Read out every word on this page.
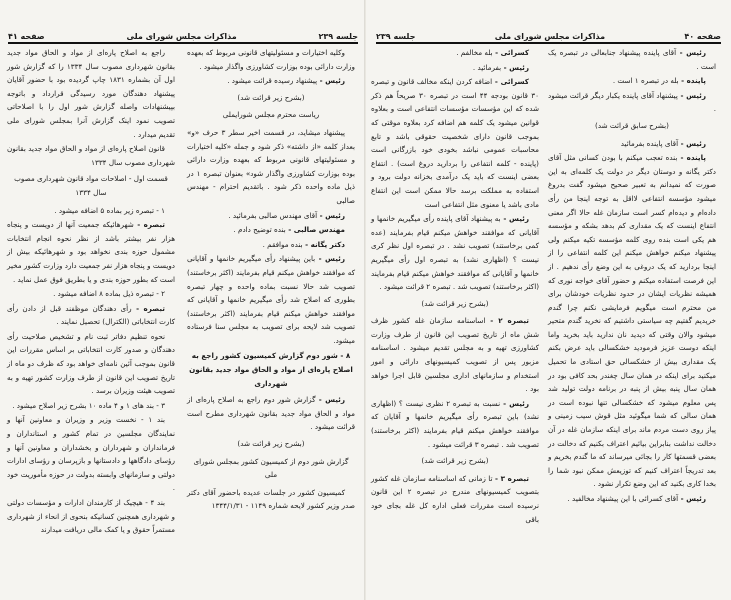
جلسه ۲۳۹
مذاکرات مجلس شورای ملی
صفحه ۴۱

وکلیه اختیارات و مسئولیتهای قانونی مربوط که بعهده وزارت دارائی بوده بوزارت کشاورزی واگذار میشود .

رئیس - پیشنهاد رسیده قرائت میشود .

(بشرح زیر قرائت شد)

ریاست محترم مجلس شورایملی

پیشنهاد میشاید، در قسمت اخیر سطر ۳ حرف «و» بعداز کلمه «از داشته» ذکر شود و جمله «کلیه اختیارات و مسئولیتهای قانونی مربوط که بعهده وزارت دارائی بوده بوزارت کشاورزی واگذار شود» بعنوان تبصره ۱ در ذیل ماده واحده ذکر شود . باتقدیم احترام - مهندس صالبی

رئیس - آقای مهندس صالبی بفرمائید .

مهندس صالبی - بنده توضیح دادم .

دکتر یگانه - بنده موافقم .

رئیس - باین پیشنهاد رأی میگیریم خانمها و آقایانی که موافقند خواهش میکنم قیام بفرمایند (اکثر برخاستند) تصویب شد حالا نسبت بماده واحده و چهار تبصره بطوری که اصلاح شد رأی میگیریم خانمها و آقایانی که موافقند خواهش میکنم قیام بفرمایند (اکثر برخاستند) تصویب شد لایحه برای تصویب به مجلس سنا فرستاده میشود.

۸ - شور دوم گزارش کمیسیون کشور راجع به اصلاح پاره‌ای از مواد و الحاق مواد جدید بقانون شهرداری

رئیس - گزارش شور دوم راجع به اصلاح پاره‌ای از مواد و الحاق مواد جدید بقانون شهرداری مطرح است قرائت میشود .

(بشرح زیر قرائت شد)

گزارش شور دوم از کمیسیون کشور بمجلس شورای ملی

کمیسیون کشور در جلسات عدیده باحضور آقای دکتر صدر وزیر کشور لایحه شماره ۱۱۴۹ - ۱۳۴۴/۱/۳۱

راجع به اصلاح پاره‌ای از مواد و الحاق مواد جدید بقانون شهرداری مصوب سال ۱۳۳۴ را که گزارش شور اول آن بشماره ۱۸۳۱ چاپ گردیده بود با حضور آقایان پیشنهاد دهندگان مورد رسیدگی قرارداد و باتوجه بپیشنهادات واصله گزارش شور اول را با اصلاحاتی تصویب نمود اینک گزارش آنرا بمجلس شورای ملی تقدیم میدارد .

قانون اصلاح پاره‌ای از مواد و الحاق مواد جدید بقانون شهرداری مصوب سال ۱۳۳۴

قسمت اول - اصلاحات مواد قانون شهرداری مصوب سال ۱۳۳۴

۱ - تبصره زیر بماده ۵ اضافه میشود .

تبصره - شهرهائیکه جمعیت آنها از دویست و پنجاه هزار نفر بیشتر باشد از نظر نحوه انجام انتخابات مشمول حوزه بندی نخواهد بود و شهرهائیکه بیش از دویست و پنجاه هزار نفر جمعیت دارد وزارت کشور مخیر است که بطور حوزه بندی و یا بطریق فوق عمل نماید .

۲ - تبصره ذیل بماده ۸ اضافه میشود .

تبصره - رأی دهندگان موظفند قبل از دادن رأی کارت انتخاباتی (الکترال) تحصیل نمایند .

نحوه تنظیم دفاتر ثبت نام و تشخیص صلاحیت رأی دهندگان و صدور کارت انتخاباتی بر اساس مقررات این قانون بموجب آئین نامه‌ای خواهد بود که ظرف دو ماه از تاریخ تصویب این قانون از طرف وزارت کشور تهیه و به تصویب هیئت وزیران برسد .

۳ - بند های ۱ و ۴ ماده ۱۰ بشرح زیر اصلاح میشود .

بند ۱ - نخست وزیر و وزیران و معاونین آنها و نمایندگان مجلسین در تمام کشور و استانداران و فرمانداران و شهرداران و بخشداران و معاونین آنها و رؤسای دادگاهها و دادستانها و بازپرسان و رؤسای ادارات دولتی و سازمانهای وابسته بدولت در حوزه مأموریت خود .

بند ۴ - هیچیک از کارمندان ادارات و مؤسسات دولتی و شهرداری همچنین کسانیکه بنحوی از انحاء از شهرداری مستمراً حقوق و یا کمک مالی دریافت میدارند

صفحه ۴۰
مذاکرات مجلس شورای ملی
جلسه ۲۳۹

رئیس - آقای پاینده پیشنهاد جنابعالی در تبصره یک است .

پاینده - بله در تبصره ۱ است .

رئیس - پیشنهاد آقای پاینده یکبار دیگر قرائت میشود .

(بشرح سابق قرائت شد)

رئیس - آقای پاینده بفرمائید

پاینده - بنده تعجب میکنم با بودن کسانی مثل آقای دکتر یگانه و دوستان دیگر در دولت یک کلمه‌ای به این صورت که نمیدانم به تعبیر صحیح میشود گفت بدروغ میشود مؤسسه انتفاعی لااقل به توجه اینجا من رأی داده‌ام و دیده‌ام کسر است سازمان غله حالا اگر معنی انتفاع اینست که یک مقداری کم بدهد بشکه و مؤسسه هم یکی است بنده روی کلمه مؤسسه تکیه میکنم ولی پیشنهاد میکنم خواهش میکنم این کلمه انتفاعی را از اینجا بردارید که یک دروغی به این وضع رأی ندهیم . از این فرصت استفاده میکنم و حضور آقای خواجه نوری که همیشه نظریات ایشان در حدود نظریات خودشان برای من محترم است میگویم فرمایشی نکنم چرا گندم خریدیم گفتیم چه سیاستی داشتیم که نخرید گندم متحیر میشود والان وقتی که دیدید نان ندارید باید بخرید واما اینکه دوست عزیز فرمودید خشکسالی باید عرض بکنم یک مقداری بیش از خشکسالی حق استادی ما تحمیل میکنید برای اینکه در همان سال چغندر بحد کافی بود در همان سال پنبه بیش از پنبه در برنامه دولت تولید شد پس معلوم میشود که خشکسالی تنها نبوده است در همان سالی که شما میگوئید مثل قوش سیب زمینی و پیاز روی دست مردم ماند برای اینکه سازمان غله در آن دخالت نداشت بنابراین بیائیم اعتراف بکنیم که دخالت در بعضی قسمتها کار را بجائی میرساند که ما گندم بخریم و بعد تدریجاً اعتراف کنیم که توزیعش ممکن نبود شما را بخدا کاری بکنید که این وضع تکرار نشود .

رئیس - آقای کسرائی با این پیشنهاد مخالفید .

کسرائی - بله مخالفم .

رئیس - بفرمائید .

کسرائی - اضافه کردن اینکه مخالف قانون و تبصره ۳۰ قانون بودجه ۴۴ است در تبصره ۳۰ صریحاً هم ذکر شده که این مؤسسات مؤسسات انتفاعی است و بعلاوه قوانین میشود یک کلمه هم اضافه کرد بعلاوه موقتی که بموجب قانون دارای شخصیت حقوقی باشد و تابع محاسبات عمومی نباشد بخودی خود بازرگانی است (پاینده - کلمه انتفاعی را بردارید دروغ است) . انتفاع بعضی اینست که باید یک درآمدی بخزانه دولت برود و استفاده به مملکت برسد حالا ممکن است این انتفاع مادی باشد یا معنوی مثل انتفاعی است

رئیس - به پیشنهاد آقای پاینده رأی میگیریم خانمها و آقایانی که موافقند خواهش میکنم قیام بفرمایند (عده کمی برخاستند) تصویب نشد . در تبصره اول نظر کری نیست ؟ (اظهاری نشد) به تبصره اول رأی میگیریم خانمها و آقایانی که موافقند خواهش میکنم قیام بفرمایند (اکثر برخاستند) تصویب شد . تبصره ۲ قرائت میشود .

(بشرح زیر قرائت شد)

تبصره ۲ - اساسنامه سازمان غله کشور ظرف شش ماه از تاریخ تصویب این قانون از طرف وزارت کشاورزی تهیه و به مجلس تقدیم میشود . اساسنامه مزبور پس از تصویب کمیسیونهای دارائی و امور استخدام و سازمانهای اداری مجلسین قابل اجرا خواهد بود .

رئیس - نسبت به تبصره ۲ نظری نیست ؟ (اظهاری نشد) باین تبصره رأی میگیریم خانمها و آقایان که موافقند خواهش میکنم قیام بفرمایند (اکثر برخاستند) تصویب شد . تبصره ۳ قرائت میشود .

(بشرح زیر قرائت شد)

تبصره ۳ - تا زمانی که اساسنامه سازمان غله کشور بتصویب کمیسیونهای مندرج در تبصره ۲ این قانون نرسیده است مقررات فعلی اداره کل غله بجای خود باقی
